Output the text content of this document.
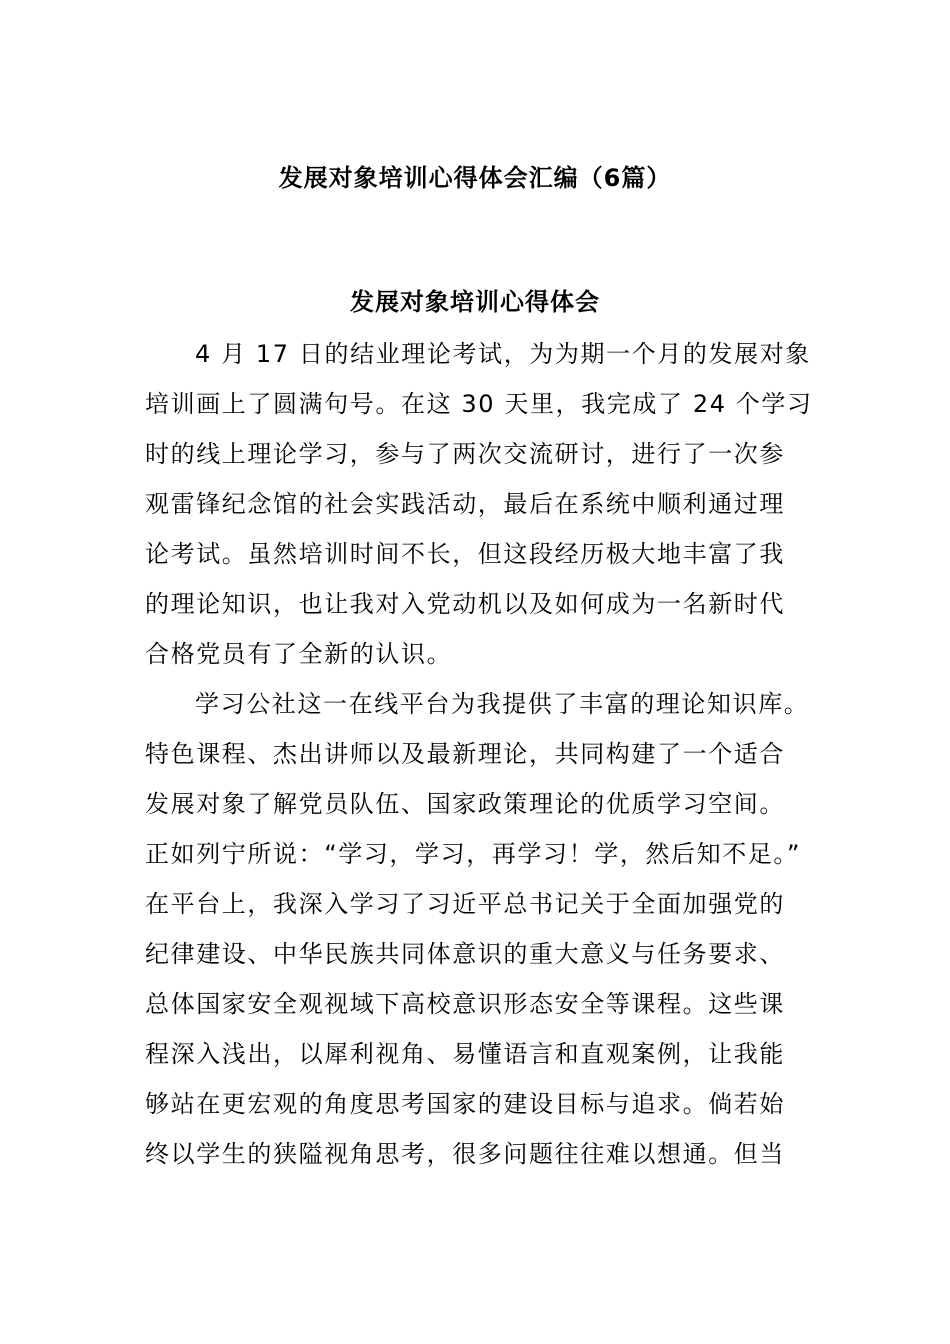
发展对象培训心得体会汇编（6篇）
发展对象培训心得体会
4 月 17 日的结业理论考试，为为期一个月的发展对象
培训画上了圆满句号。在这 30 天里，我完成了 24 个学习
时的线上理论学习，参与了两次交流研讨，进行了一次参
观雷锋纪念馆的社会实践活动，最后在系统中顺利通过理
论考试。虽然培训时间不长，但这段经历极大地丰富了我
的理论知识，也让我对入党动机以及如何成为一名新时代
合格党员有了全新的认识。
学习公社这一在线平台为我提供了丰富的理论知识库。
特色课程、杰出讲师以及最新理论，共同构建了一个适合
发展对象了解党员队伍、国家政策理论的优质学习空间。
正如列宁所说：“学习，学习，再学习！学，然后知不足。”
在平台上，我深入学习了习近平总书记关于全面加强党的
纪律建设、中华民族共同体意识的重大意义与任务要求、
总体国家安全观视域下高校意识形态安全等课程。这些课
程深入浅出，以犀利视角、易懂语言和直观案例，让我能
够站在更宏观的角度思考国家的建设目标与追求。倘若始
终以学生的狭隘视角思考，很多问题往往难以想通。但当
